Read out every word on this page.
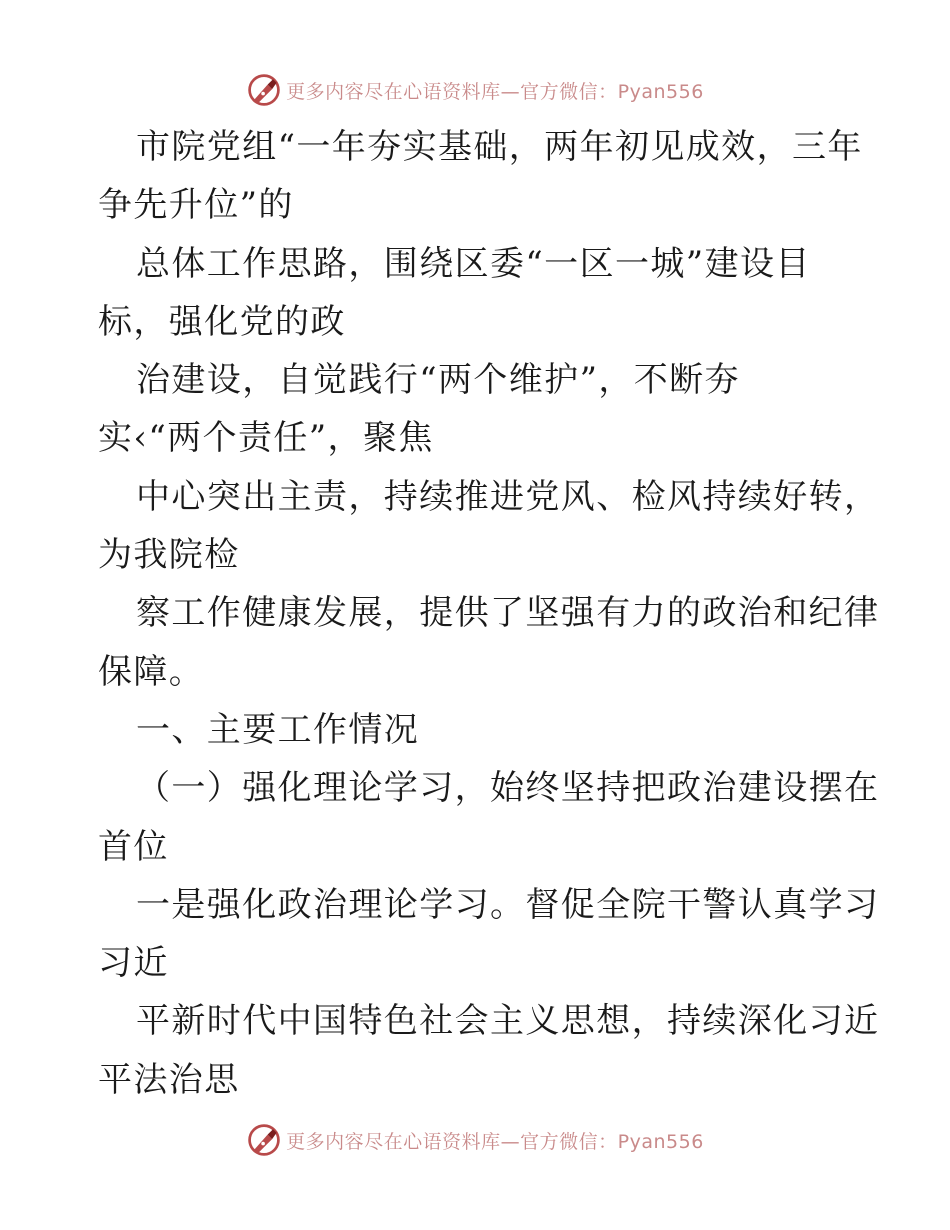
更多内容尽在心语资料库—官方微信：Pyan556
市院党组“一年夯实基础，两年初见成效，三年
争先升位”的
总体工作思路，围绕区委“一区一城”建设目
标，强化党的政
治建设，自觉践行“两个维护”，不断夯
实‹“两个责任”，聚焦
中心突出主责，持续推进党风、检风持续好转，
为我院检
察工作健康发展，提供了坚强有力的政治和纪律
保障。
一、主要工作情况
（一）强化理论学习，始终坚持把政治建设摆在
首位
一是强化政治理论学习。督促全院干警认真学习
习近
平新时代中国特色社会主义思想，持续深化习近
平法治思
更多内容尽在心语资料库—官方微信：Pyan556
